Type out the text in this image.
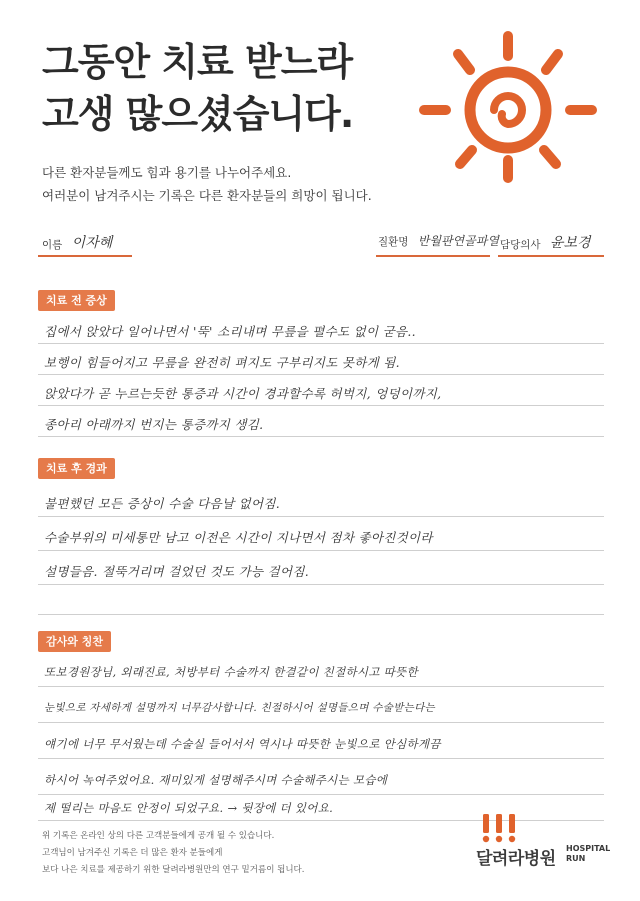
그동안 치료 받느라
고생 많으셨습니다.
다른 환자분들께도 힘과 용기를 나누어주세요.
여러분이 남겨주시는 기록은 다른 환자분들의 희망이 됩니다.
이름 이자혜	질환명 반월판연골파열 담당의사 윤보경
치료 전 증상
집에서 앉았다 일어나면서 '뚝' 소리내며 무릎을 펼수도 없이 굳음..
보행이 힘들어지고 무릎을 완전히 펴지도 구부리지도 못하게 됨.
앉았다가 곧 누르는듯한 통증과 시간이 경과할수록 허벅지, 엉덩이까지,
종아리 아래까지 번지는 통증까지 생김.
치료 후 경과
불편했던 모든 증상이 수술 다음날 없어짐.
수술부위의 미세통만 남고 이전은 시간이 지나면서 점차 좋아진것이라
설명들음. 절뚝거리며 걸었던 것도 가능 걸어짐.
감사와 칭찬
또보경원장님, 외래진료, 처방부터 수술까지 한결같이 친절하시고 따뜻한
눈빛으로 자세하게 설명까지 너무감사합니다. 친절하시어 설명들으며 수술받는다는
얘기에 너무 무서웠는데 수술실 들어서서 역시나 따뜻한 눈빛으로 안심하게끔
하시어 녹여주었어요. 재미있게 설명해주시며 수술해주시는 모습에
제 떨리는 마음도 안정이 되었구요. → 뒷장에 더 있어요.
위 기록은 온라인 상의 다른 고객분들에게 공개 될 수 있습니다.
고객님이 남겨주신 기록은 더 많은 환자 분들에게
보다 나은 치료를 제공하기 위한 달려라병원만의 연구 밑거름이 됩니다.
달려라병원
HOSPITAL
RUN
